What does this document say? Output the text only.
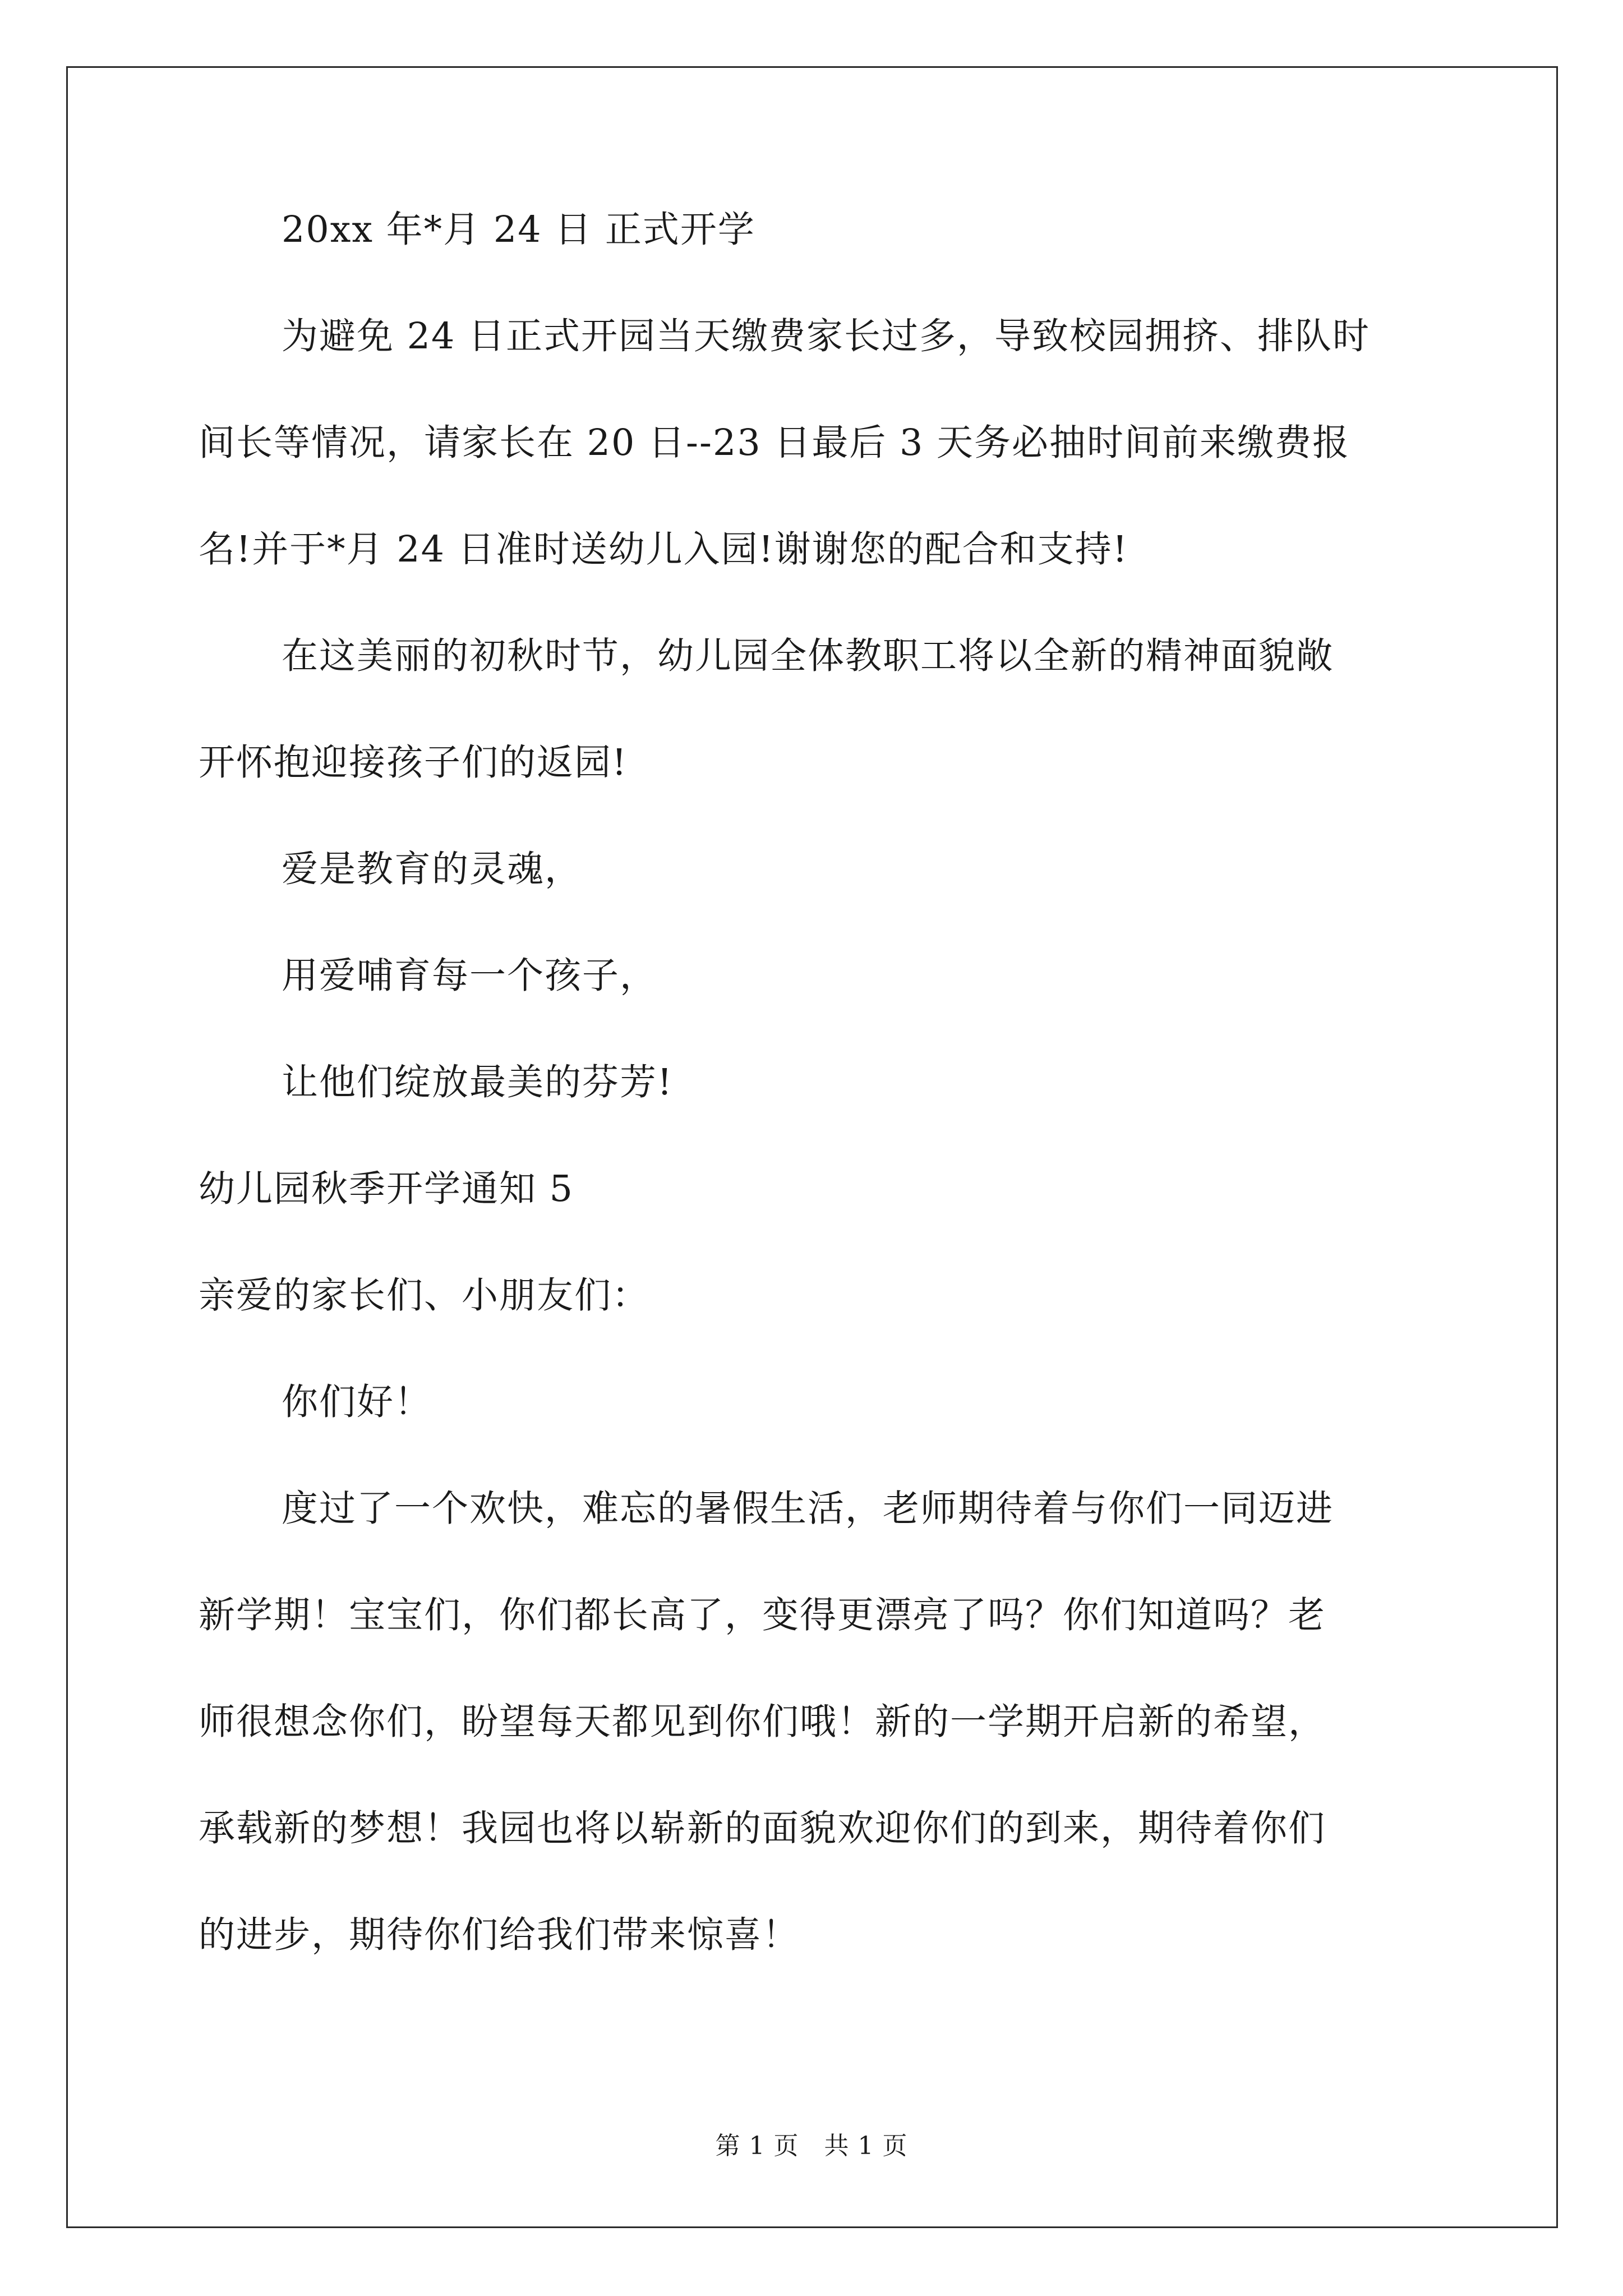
20xx 年*月 24 日 正式开学
为避免 24 日正式开园当天缴费家长过多，导致校园拥挤、排队时
间长等情况，请家长在 20 日--23 日最后 3 天务必抽时间前来缴费报
名!并于*月 24 日准时送幼儿入园!谢谢您的配合和支持!
在这美丽的初秋时节，幼儿园全体教职工将以全新的精神面貌敞
开怀抱迎接孩子们的返园!
爱是教育的灵魂，
用爱哺育每一个孩子，
让他们绽放最美的芬芳!
幼儿园秋季开学通知 5
亲爱的家长们、小朋友们：
你们好！
度过了一个欢快，难忘的暑假生活，老师期待着与你们一同迈进
新学期！宝宝们，你们都长高了，变得更漂亮了吗？你们知道吗？老
师很想念你们，盼望每天都见到你们哦！新的一学期开启新的希望，
承载新的梦想！我园也将以崭新的面貌欢迎你们的到来，期待着你们
的进步，期待你们给我们带来惊喜！
第 1 页　共 1 页
